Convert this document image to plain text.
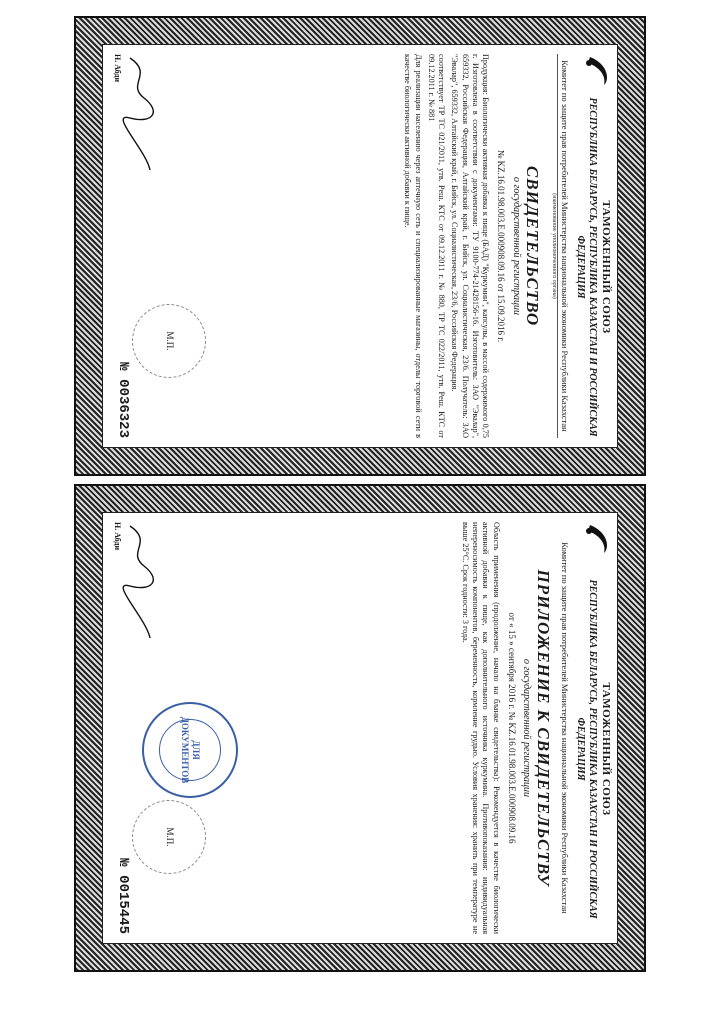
ТАМОЖЕННЫЙ СОЮЗ
РЕСПУБЛИКА БЕЛАРУСЬ, РЕСПУБЛИКА КАЗАХСТАН И РОССИЙСКАЯ ФЕДЕРАЦИЯ
Комитет по защите прав потребителей Министерства национальной экономики Республики Казахстан
(наименование уполномоченного органа)
СВИДЕТЕЛЬСТВО
о государственной регистрации
№ KZ.16.01.98.003.Е.000908.09.16 от 15.09.2016 г.

Продукция: Биологически активная добавка к пище (БАД) "Куркумин", капсулы, в массой содержимого 0,75 г. Изготовлена в соответствии с документами: ТУ 9100-774-21428156-16. Изготовитель: ЗАО "Эвалар", 659332, Российская Федерация, Алтайский край, г. Бийск, ул. Социалистическая, 23/6. Получатель: ЗАО "Эвалар", 659332, Алтайский край, г. Бийск, ул. Социалистическая, 23/6, Российская Федерация.

соответствует ТР ТС 021/2011, утв. Реш. КТС от 09.12.2011 г. № 880, ТР ТС 022/2011, утв. Реш. КТС от 09.12.2011 г. № 881

Для реализации населению через аптечную сеть и специализированные магазины, отделы торговой сети в качестве биологически активной добавки к пище.

Н. Абди
М.П.
№ 0036323
ТАМОЖЕННЫЙ СОЮЗ
РЕСПУБЛИКА БЕЛАРУСЬ, РЕСПУБЛИКА КАЗАХСТАН И РОССИЙСКАЯ ФЕДЕРАЦИЯ
Комитет по защите прав потребителей Министерства национальной экономики Республики Казахстан
ПРИЛОЖЕНИЕ К СВИДЕТЕЛЬСТВУ
о государственной регистрации
от « 15 » сентября 2016 г. № KZ.16.01.98.003.Е.000908.09.16

Область применения (продолжение, начало на бланке свидетельства): Рекомендуется в качестве биологически активной добавки к пище, как дополнительного источника куркумина. Противопоказания: индивидуальная непереносимость компонентов, беременность, кормление грудью. Условия хранения: хранить при температуре не выше 25°С. Срок годности: 3 года.

Н. Абди
ДЛЯ ДОКУМЕНТОВ
М.П.
№ 0015445
